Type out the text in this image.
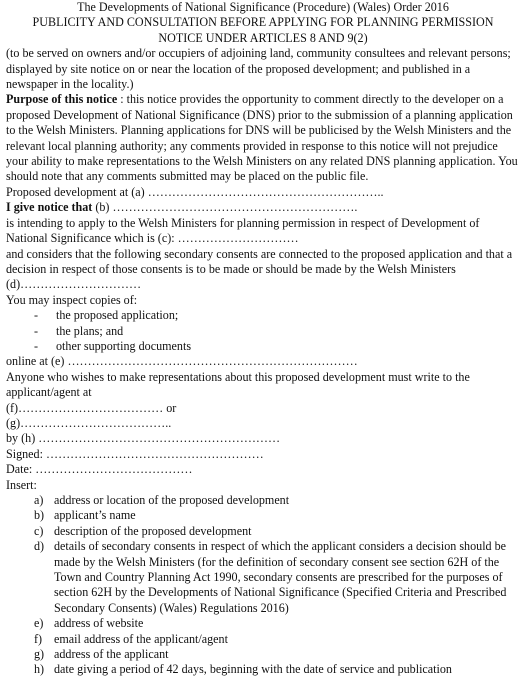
The Developments of National Significance (Procedure) (Wales) Order 2016
PUBLICITY AND CONSULTATION BEFORE APPLYING FOR PLANNING PERMISSION
NOTICE UNDER ARTICLES 8 AND 9(2)

(to be served on owners and/or occupiers of adjoining land, community consultees and relevant persons; displayed by site notice on or near the location of the proposed development; and published in a newspaper in the locality.)

Purpose of this notice : this notice provides the opportunity to comment directly to the developer on a proposed Development of National Significance (DNS) prior to the submission of a planning application to the Welsh Ministers. Planning applications for DNS will be publicised by the Welsh Ministers and the relevant local planning authority; any comments provided in response to this notice will not prejudice your ability to make representations to the Welsh Ministers on any related DNS planning application. You should note that any comments submitted may be placed on the public file.

Proposed development at (a) …………………………………………………..

I give notice that (b) …………………………………………………….

is intending to apply to the Welsh Ministers for planning permission in respect of Development of National Significance which is (c): …………………………

and considers that the following secondary consents are connected to the proposed application and that a decision in respect of those consents is to be made or should be made by the Welsh Ministers (d)…………………………

You may inspect copies of:

-	the proposed application;
-	the plans; and
-	other supporting documents

online at (e) ………………………………………………………………

Anyone who wishes to make representations about this proposed development must write to the applicant/agent at

(f)……………………………… or

(g)………………………………..

by (h) ……………………………………………………

Signed: ………………………………………………

Date: …………………………………

Insert:

a) address or location of the proposed development
b) applicant’s name
c) description of the proposed development
d) details of secondary consents in respect of which the applicant considers a decision should be made by the Welsh Ministers (for the definition of secondary consent see section 62H of the Town and Country Planning Act 1990, secondary consents are prescribed for the purposes of section 62H by the Developments of National Significance (Specified Criteria and Prescribed Secondary Consents) (Wales) Regulations 2016)
e) address of website
f) email address of the applicant/agent
g) address of the applicant
h) date giving a period of 42 days, beginning with the date of service and publication
